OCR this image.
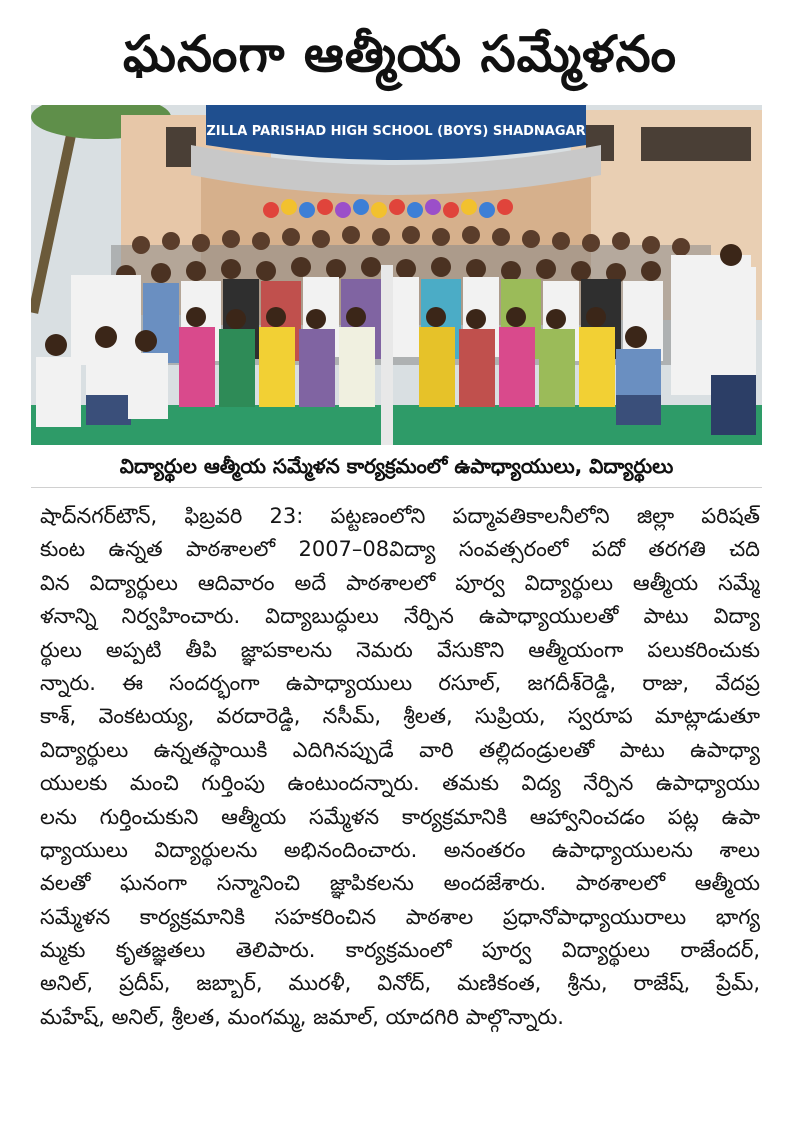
ఘనంగా ఆత్మీయ సమ్మేళనం
ZILLA PARISHAD HIGH SCHOOL (BOYS) SHADNAGAR
విద్యార్థుల ఆత్మీయ సమ్మేళన కార్యక్రమంలో ఉపాధ్యాయులు, విద్యార్థులు
షాద్‌నగర్‌టౌన్‌, ఫిబ్రవరి 23: పట్టణంలోని పద్మావతికాలనీలోని జిల్లా పరిషత్‌
కుంట ఉన్నత పాఠశాలలో 2007–08విద్యా సంవత్సరంలో పదో తరగతి చది
విన విద్యార్థులు ఆదివారం అదే పాఠశాలలో పూర్వ విద్యార్థులు ఆత్మీయ సమ్మే
ళనాన్ని నిర్వహించారు. విద్యాబుద్ధులు నేర్పిన ఉపాధ్యాయులతో పాటు విద్యా
ర్థులు అప్పటి తీపి జ్ఞాపకాలను నెమరు వేసుకొని ఆత్మీయంగా పలుకరించుకు
న్నారు. ఈ సందర్భంగా ఉపాధ్యాయులు రసూల్‌, జగదీశ్‌రెడ్డి, రాజు, వేదప్ర
కాశ్‌, వెంకటయ్య, వరదారెడ్డి, నసీమ్‌, శ్రీలత, సుప్రియ, స్వరూప మాట్లాడుతూ
విద్యార్థులు ఉన్నతస్థాయికి ఎదిగినప్పుడే వారి తల్లిదండ్రులతో పాటు ఉపాధ్యా
యులకు మంచి గుర్తింపు ఉంటుందన్నారు. తమకు విద్య నేర్పిన ఉపాధ్యాయు
లను గుర్తించుకుని ఆత్మీయ సమ్మేళన కార్యక్రమానికి ఆహ్వానించడం పట్ల ఉపా
ధ్యాయులు విద్యార్థులను అభినందించారు. అనంతరం ఉపాధ్యాయులను శాలు
వలతో ఘనంగా సన్మానించి జ్ఞాపికలను అందజేశారు. పాఠశాలలో ఆత్మీయ
సమ్మేళన కార్యక్రమానికి సహకరించిన పాఠశాల ప్రధానోపాధ్యాయురాలు భాగ్య
మ్మకు కృతజ్ఞతలు తెలిపారు. కార్యక్రమంలో పూర్వ విద్యార్థులు రాజేందర్‌,
అనిల్‌, ప్రదీప్‌, జబ్బార్‌, మురళీ, వినోద్‌, మణికంత, శ్రీను, రాజేష్‌, ప్రేమ్‌,
మహేష్‌, అనిల్‌, శ్రీలత, మంగమ్మ, జమాల్‌, యాదగిరి పాల్గొన్నారు.
